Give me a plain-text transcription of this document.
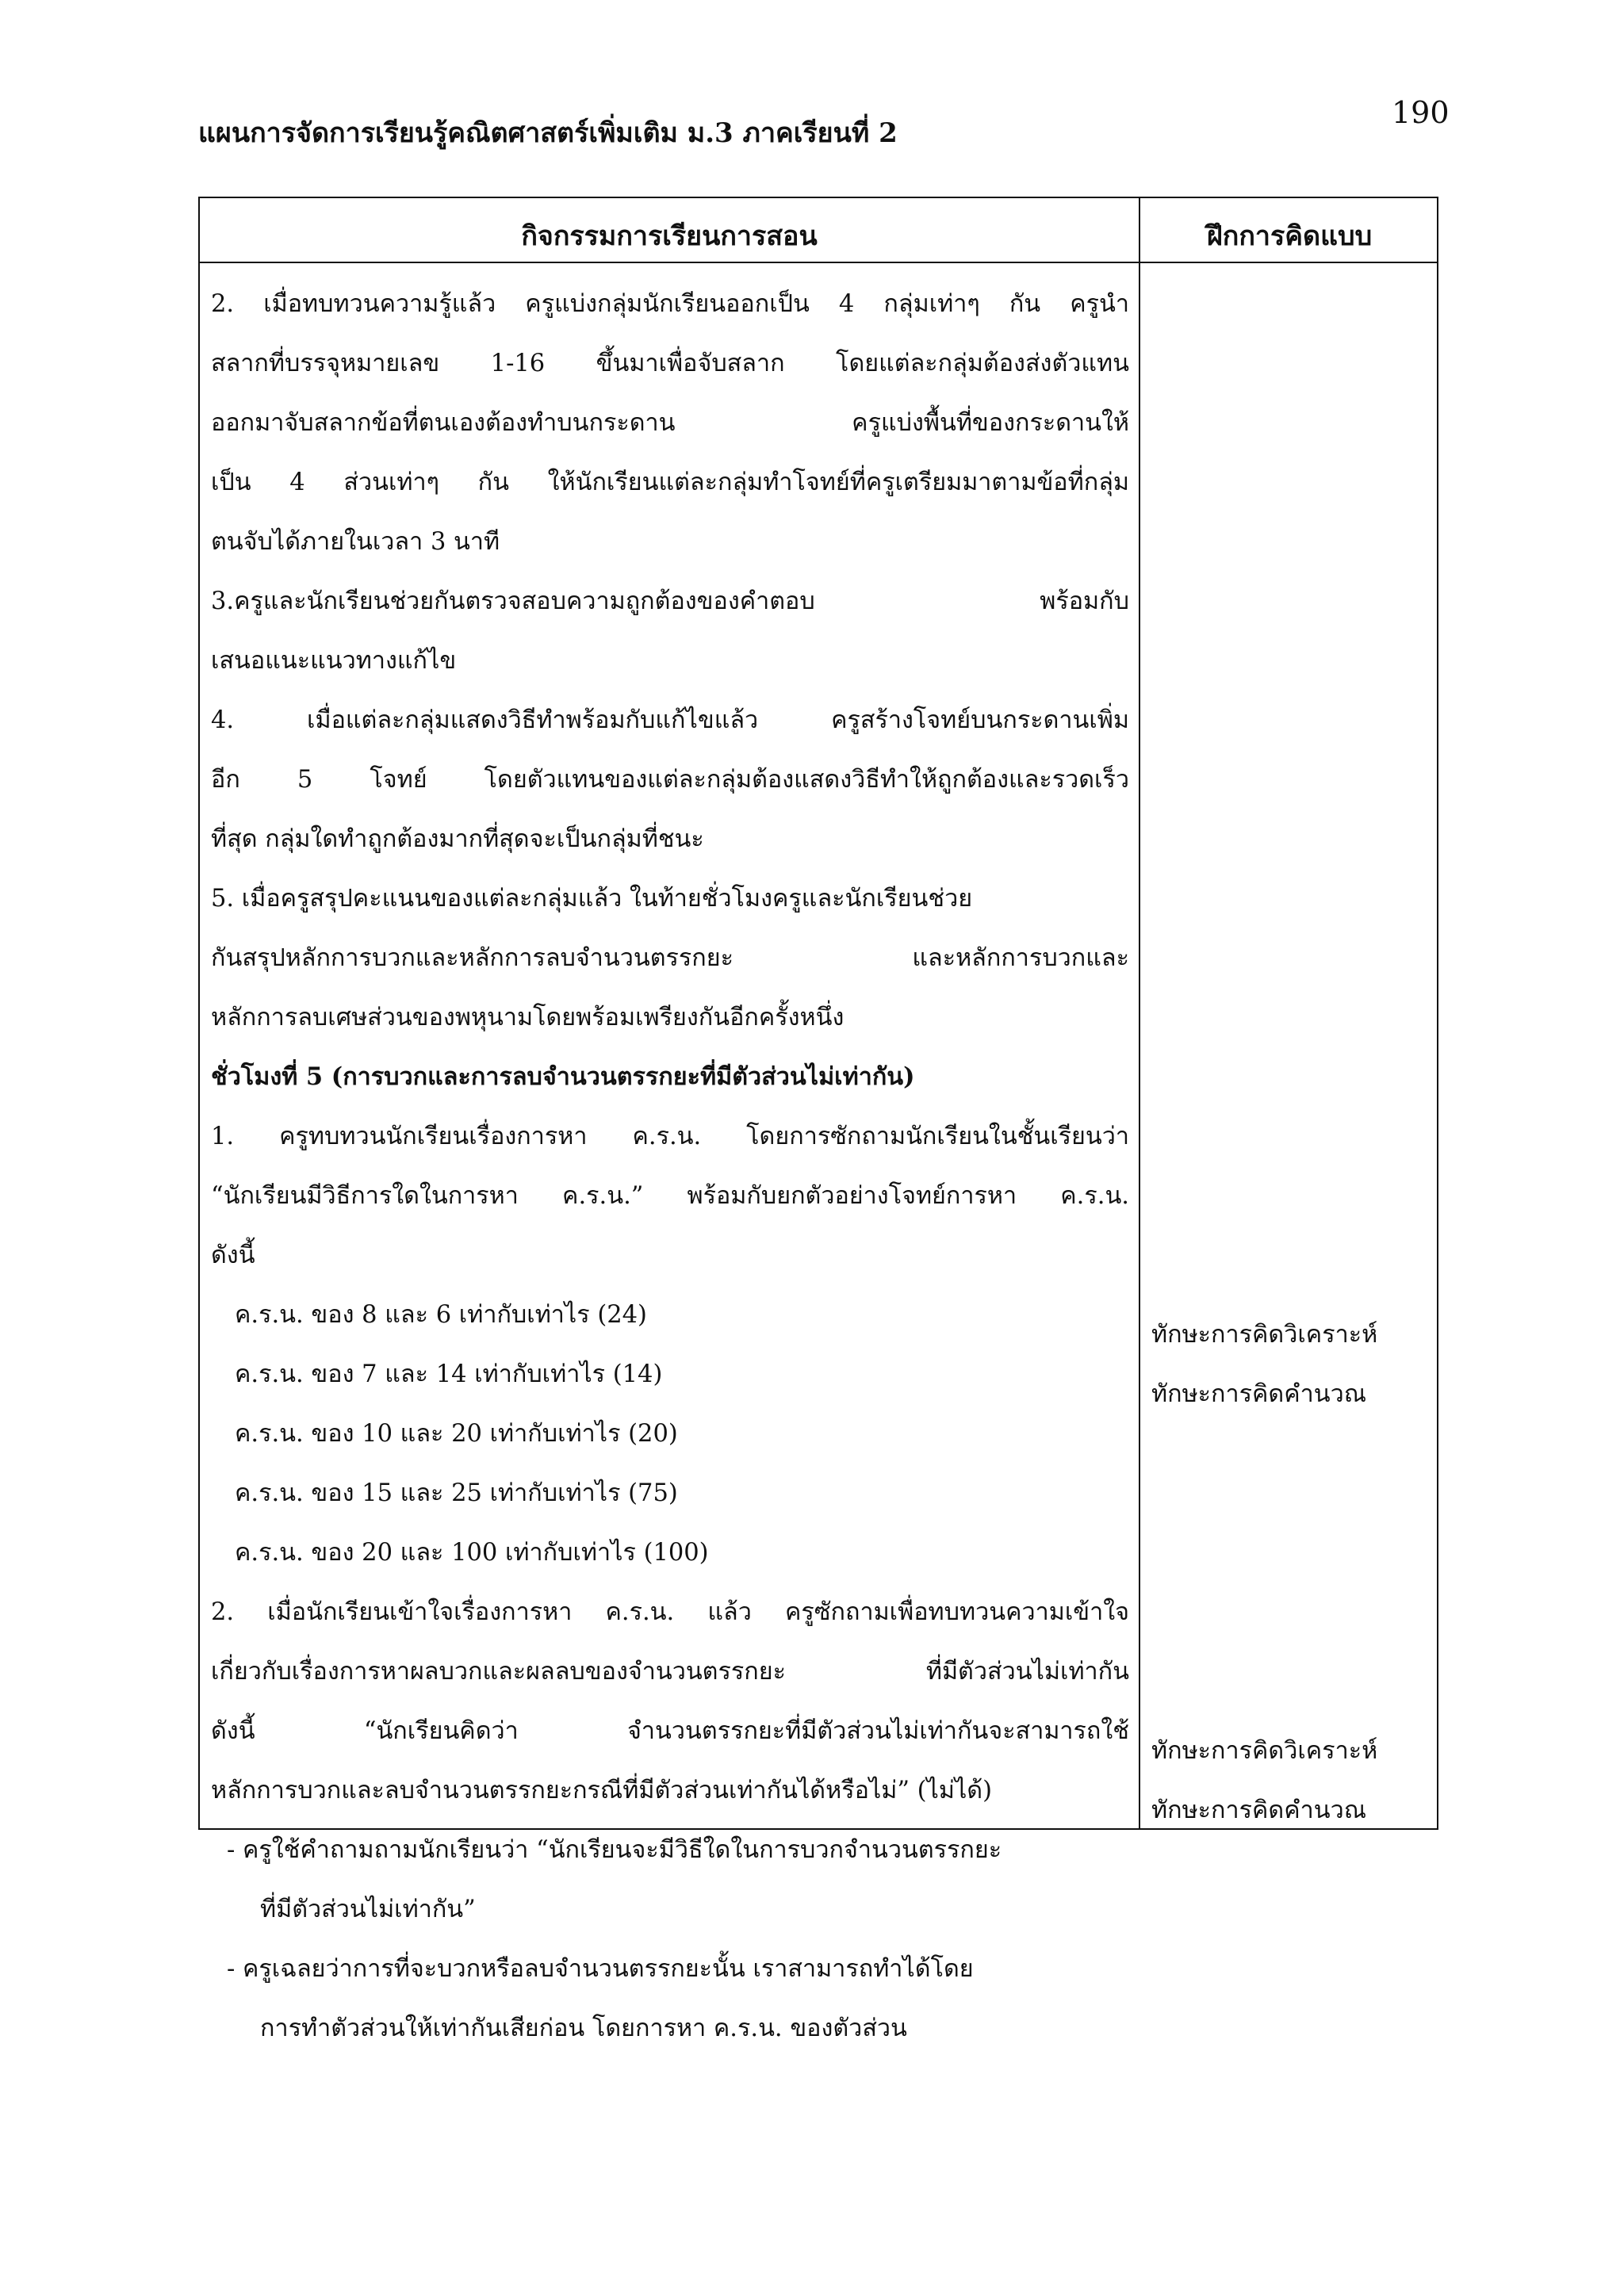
190
แผนการจัดการเรียนรู้คณิตศาสตร์เพิ่มเติม ม.3 ภาคเรียนที่ 2
กิจกรรมการเรียนการสอน	ฝึกการคิดแบบ
2. เมื่อทบทวนความรู้แล้ว ครูแบ่งกลุ่มนักเรียนออกเป็น 4 กลุ่มเท่าๆ กัน ครูนำ
สลากที่บรรจุหมายเลข 1-16 ขึ้นมาเพื่อจับสลาก โดยแต่ละกลุ่มต้องส่งตัวแทน
ออกมาจับสลากข้อที่ตนเองต้องทำบนกระดาน ครูแบ่งพื้นที่ของกระดานให้
เป็น 4 ส่วนเท่าๆ กัน ให้นักเรียนแต่ละกลุ่มทำโจทย์ที่ครูเตรียมมาตามข้อที่กลุ่ม
ตนจับได้ภายในเวลา 3 นาที
3.ครูและนักเรียนช่วยกันตรวจสอบความถูกต้องของคำตอบ พร้อมกับ
เสนอแนะแนวทางแก้ไข
4. เมื่อแต่ละกลุ่มแสดงวิธีทำพร้อมกับแก้ไขแล้ว ครูสร้างโจทย์บนกระดานเพิ่ม
อีก 5 โจทย์ โดยตัวแทนของแต่ละกลุ่มต้องแสดงวิธีทำให้ถูกต้องและรวดเร็ว
ที่สุด กลุ่มใดทำถูกต้องมากที่สุดจะเป็นกลุ่มที่ชนะ
5. เมื่อครูสรุปคะแนนของแต่ละกลุ่มแล้ว ในท้ายชั่วโมงครูและนักเรียนช่วย
กันสรุปหลักการบวกและหลักการลบจำนวนตรรกยะ และหลักการบวกและ
หลักการลบเศษส่วนของพหุนามโดยพร้อมเพรียงกันอีกครั้งหนึ่ง
ชั่วโมงที่ 5 (การบวกและการลบจำนวนตรรกยะที่มีตัวส่วนไม่เท่ากัน)
1. ครูทบทวนนักเรียนเรื่องการหา ค.ร.น. โดยการซักถามนักเรียนในชั้นเรียนว่า
“นักเรียนมีวิธีการใดในการหา ค.ร.น.” พร้อมกับยกตัวอย่างโจทย์การหา ค.ร.น.
ดังนี้
ค.ร.น. ของ 8 และ 6 เท่ากับเท่าไร (24)
ค.ร.น. ของ 7 และ 14 เท่ากับเท่าไร (14)
ค.ร.น. ของ 10 และ 20 เท่ากับเท่าไร (20)
ค.ร.น. ของ 15 และ 25 เท่ากับเท่าไร (75)
ค.ร.น. ของ 20 และ 100 เท่ากับเท่าไร (100)
2. เมื่อนักเรียนเข้าใจเรื่องการหา ค.ร.น. แล้ว ครูซักถามเพื่อทบทวนความเข้าใจ
เกี่ยวกับเรื่องการหาผลบวกและผลลบของจำนวนตรรกยะ ที่มีตัวส่วนไม่เท่ากัน
ดังนี้ “นักเรียนคิดว่า จำนวนตรรกยะที่มีตัวส่วนไม่เท่ากันจะสามารถใช้
หลักการบวกและลบจำนวนตรรกยะกรณีที่มีตัวส่วนเท่ากันได้หรือไม่” (ไม่ได้)
- ครูใช้คำถามถามนักเรียนว่า “นักเรียนจะมีวิธีใดในการบวกจำนวนตรรกยะ
ที่มีตัวส่วนไม่เท่ากัน”
- ครูเฉลยว่าการที่จะบวกหรือลบจำนวนตรรกยะนั้น เราสามารถทำได้โดย
การทำตัวส่วนให้เท่ากันเสียก่อน โดยการหา ค.ร.น. ของตัวส่วน
ทักษะการคิดวิเคราะห์
ทักษะการคิดคำนวณ
ทักษะการคิดวิเคราะห์
ทักษะการคิดคำนวณ
